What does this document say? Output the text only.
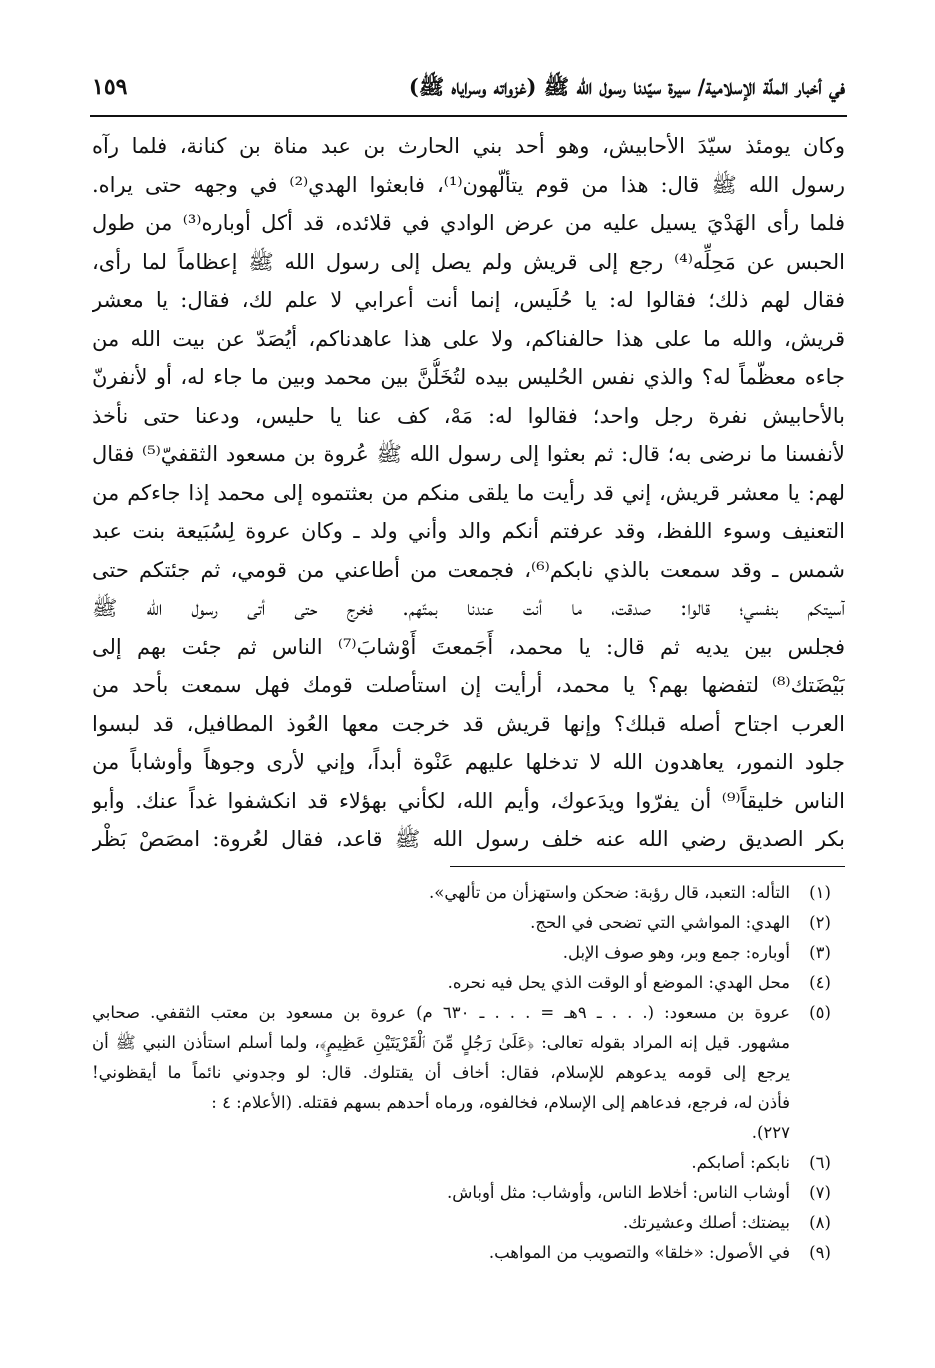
في أخبار الملّة الإسلامية/ سيرة سيّدنا رسول الله ﷺ (غزواته وسراياه ﷺ)
١٥٩
وكان يومئذ سيّدَ الأحابيش، وهو أحد بني الحارث بن عبد مناة بن كنانة، فلما رآه
رسول الله ﷺ قال: هذا من قوم يتألّهون⁽¹⁾، فابعثوا الهدي⁽²⁾ في وجهه حتى يراه.
فلما رأى الهَدْيَ يسيل عليه من عرض الوادي في قلائده، قد أكل أوباره⁽³⁾ من طول
الحبس عن مَحِلِّه⁽⁴⁾ رجع إلى قريش ولم يصل إلى رسول الله ﷺ إعظاماً لما رأى،
فقال لهم ذلك؛ فقالوا له: يا حُلَيس، إنما أنت أعرابي لا علم لك، فقال: يا معشر
قريش، والله ما على هذا حالفناكم، ولا على هذا عاهدناكم، أيُصَدّ عن بيت الله من
جاءه معظّماً له؟ والذي نفس الحُليس بيده لتُخَلُّنَّ بين محمد وبين ما جاء له، أو لأنفرنّ
بالأحابيش نفرة رجل واحد؛ فقالوا له: مَهْ، كف عنا يا حليس، ودعنا حتى نأخذ
لأنفسنا ما نرضى به؛ قال: ثم بعثوا إلى رسول الله ﷺ عُروة بن مسعود الثقفيّ⁽⁵⁾ فقال
لهم: يا معشر قريش، إني قد رأيت ما يلقى منكم من بعثتموه إلى محمد إذا جاءكم من
التعنيف وسوء اللفظ، وقد عرفتم أنكم والد وأني ولد ـ وكان عروة لِسُبَيعة بنت عبد
شمس ـ وقد سمعت بالذي نابكم⁽⁶⁾، فجمعت من أطاعني من قومي، ثم جئتكم حتى
آسيتكم بنفسي؛ قالوا: صدقت، ما أنت عندنا بمتّهم. فخرج حتى أتى رسول الله ﷺ
فجلس بين يديه ثم قال: يا محمد، أَجَمعتَ أَوْشابَ⁽⁷⁾ الناس ثم جئت بهم إلى
بَيْضَتك⁽⁸⁾ لتفضها بهم؟ يا محمد، أرأيت إن استأصلت قومك فهل سمعت بأحد من
العرب اجتاح أصله قبلك؟ وإنها قريش قد خرجت معها العُوذ المطافيل، قد لبسوا
جلود النمور، يعاهدون الله لا تدخلها عليهم عَنْوة أبداً، وإني لأرى وجوهاً وأوشاباً من
الناس خليقاً⁽⁹⁾ أن يفرّوا ويدَعوك، وأيم الله، لكأني بهؤلاء قد انكشفوا غداً عنك. وأبو
بكر الصديق رضي الله عنه خلف رسول الله ﷺ قاعد، فقال لعُروة: امصَصْ بَظْر
(١)
التأله: التعبد، قال رؤبة: ضحكن واستهزأن من تألهي».
(٢)
الهدي: المواشي التي تضحى في الحج.
(٣)
أوباره: جمع وبر، وهو صوف الإبل.
(٤)
محل الهدي: الموضع أو الوقت الذي يحل فيه نحره.
(٥)
عروة بن مسعود: (. . . ـ ٩هـ = . . . ـ ٦٣٠ م) عروة بن مسعود بن معتب الثقفي. صحابي
مشهور. قيل إنه المراد بقوله تعالى: ﴿عَلَىٰ رَجُلٍ مِّنَ ٱلْقَرْيَتَيْنِ عَظِيمٍ﴾، ولما أسلم استأذن النبي ﷺ أن
يرجع إلى قومه يدعوهم للإسلام، فقال: أخاف أن يقتلوك. قال: لو وجدوني نائماً ما أيقظوني!
فأذن له، فرجع، فدعاهم إلى الإسلام، فخالفوه، ورماه أحدهم بسهم فقتله. (الأعلام: ٤ :
٢٢٧).
(٦)
نابكم: أصابكم.
(٧)
أوشاب الناس: أخلاط الناس، وأوشاب: مثل أوباش.
(٨)
بيضتك: أصلك وعشيرتك.
(٩)
في الأصول: «خلقا» والتصويب من المواهب.
